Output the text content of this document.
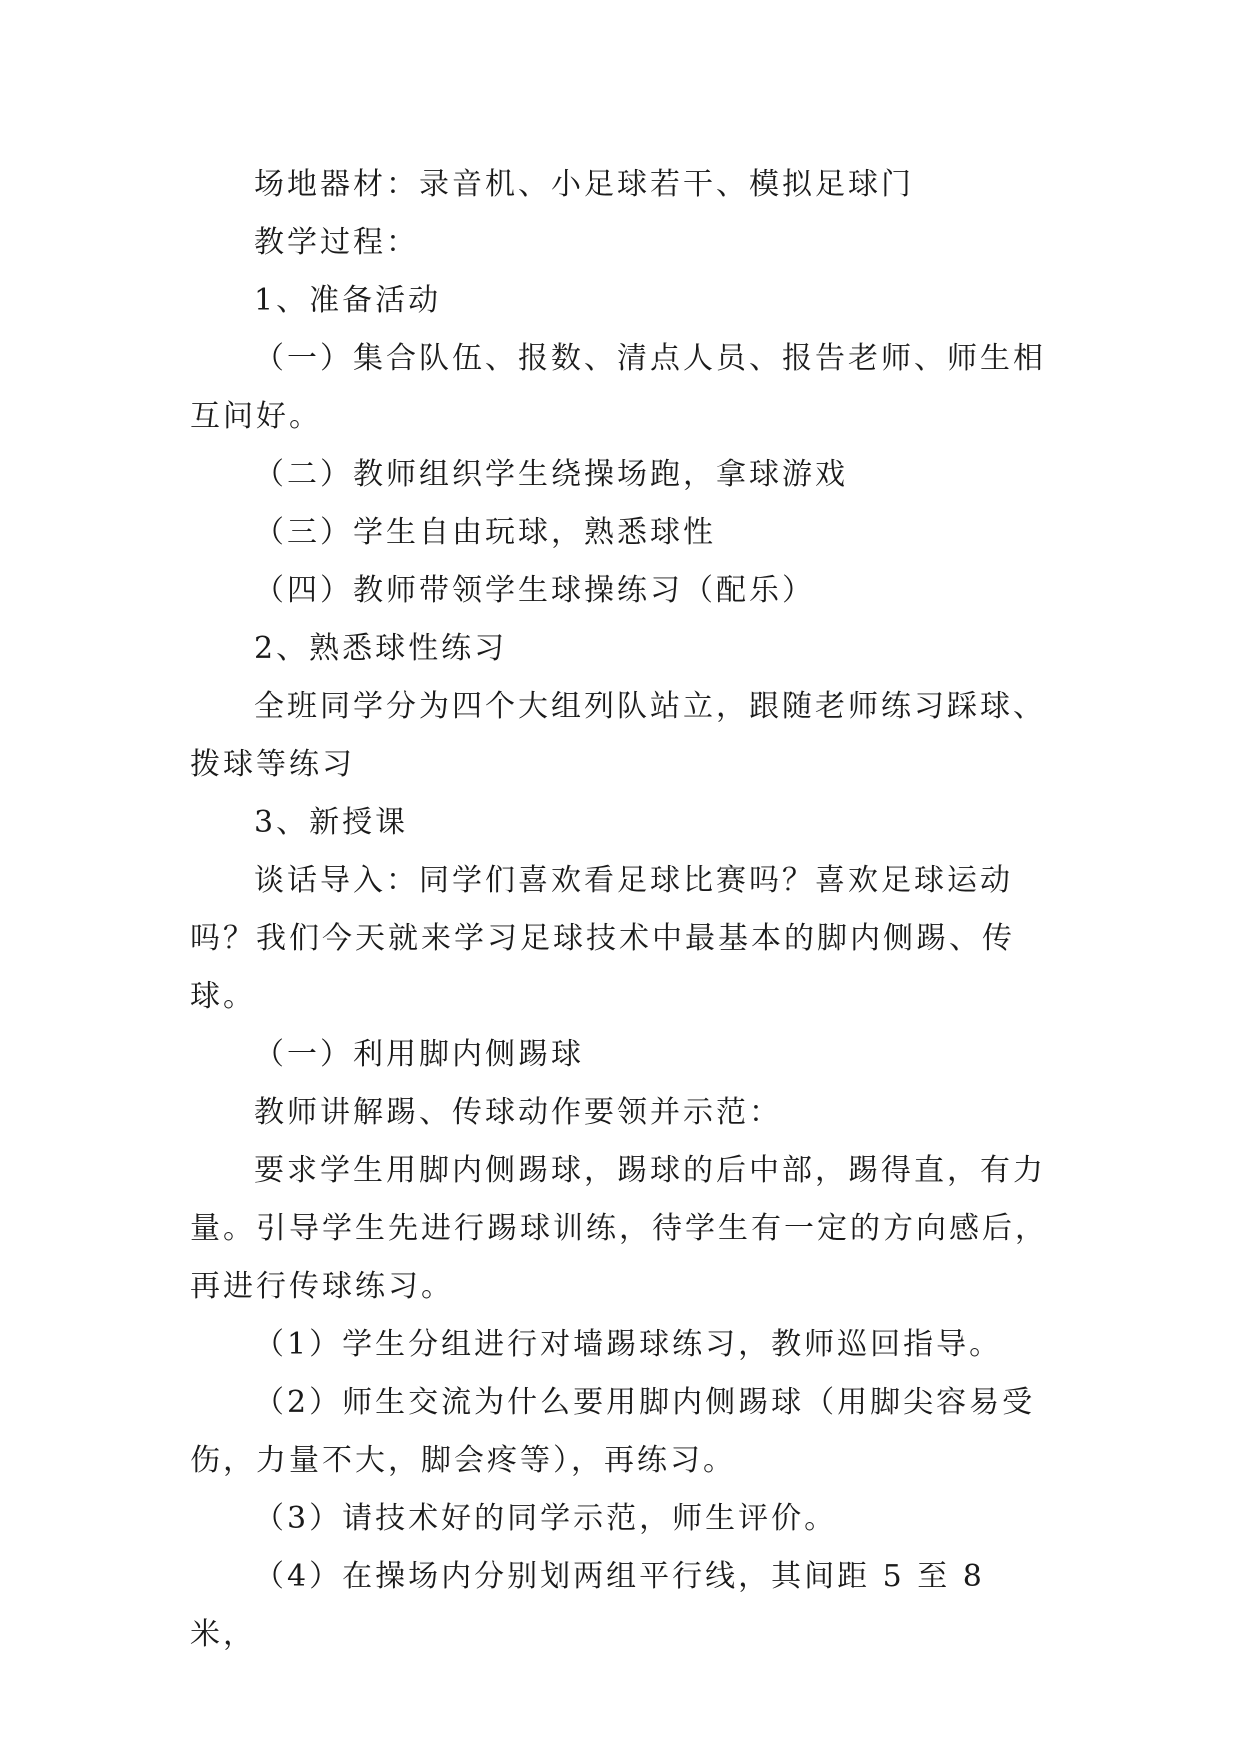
场地器材：录音机、小足球若干、模拟足球门

教学过程：

1、准备活动

（一）集合队伍、报数、清点人员、报告老师、师生相互问好。

（二）教师组织学生绕操场跑，拿球游戏

（三）学生自由玩球，熟悉球性

（四）教师带领学生球操练习（配乐）

2、熟悉球性练习

全班同学分为四个大组列队站立，跟随老师练习踩球、拨球等练习

3、新授课

谈话导入：同学们喜欢看足球比赛吗？喜欢足球运动吗？我们今天就来学习足球技术中最基本的脚内侧踢、传球。

（一）利用脚内侧踢球

教师讲解踢、传球动作要领并示范：

要求学生用脚内侧踢球，踢球的后中部，踢得直，有力量。引导学生先进行踢球训练，待学生有一定的方向感后，再进行传球练习。

（1）学生分组进行对墙踢球练习，教师巡回指导。

（2）师生交流为什么要用脚内侧踢球（用脚尖容易受伤，力量不大，脚会疼等），再练习。

（3）请技术好的同学示范，师生评价。

（4）在操场内分别划两组平行线，其间距 5 至 8 米，
